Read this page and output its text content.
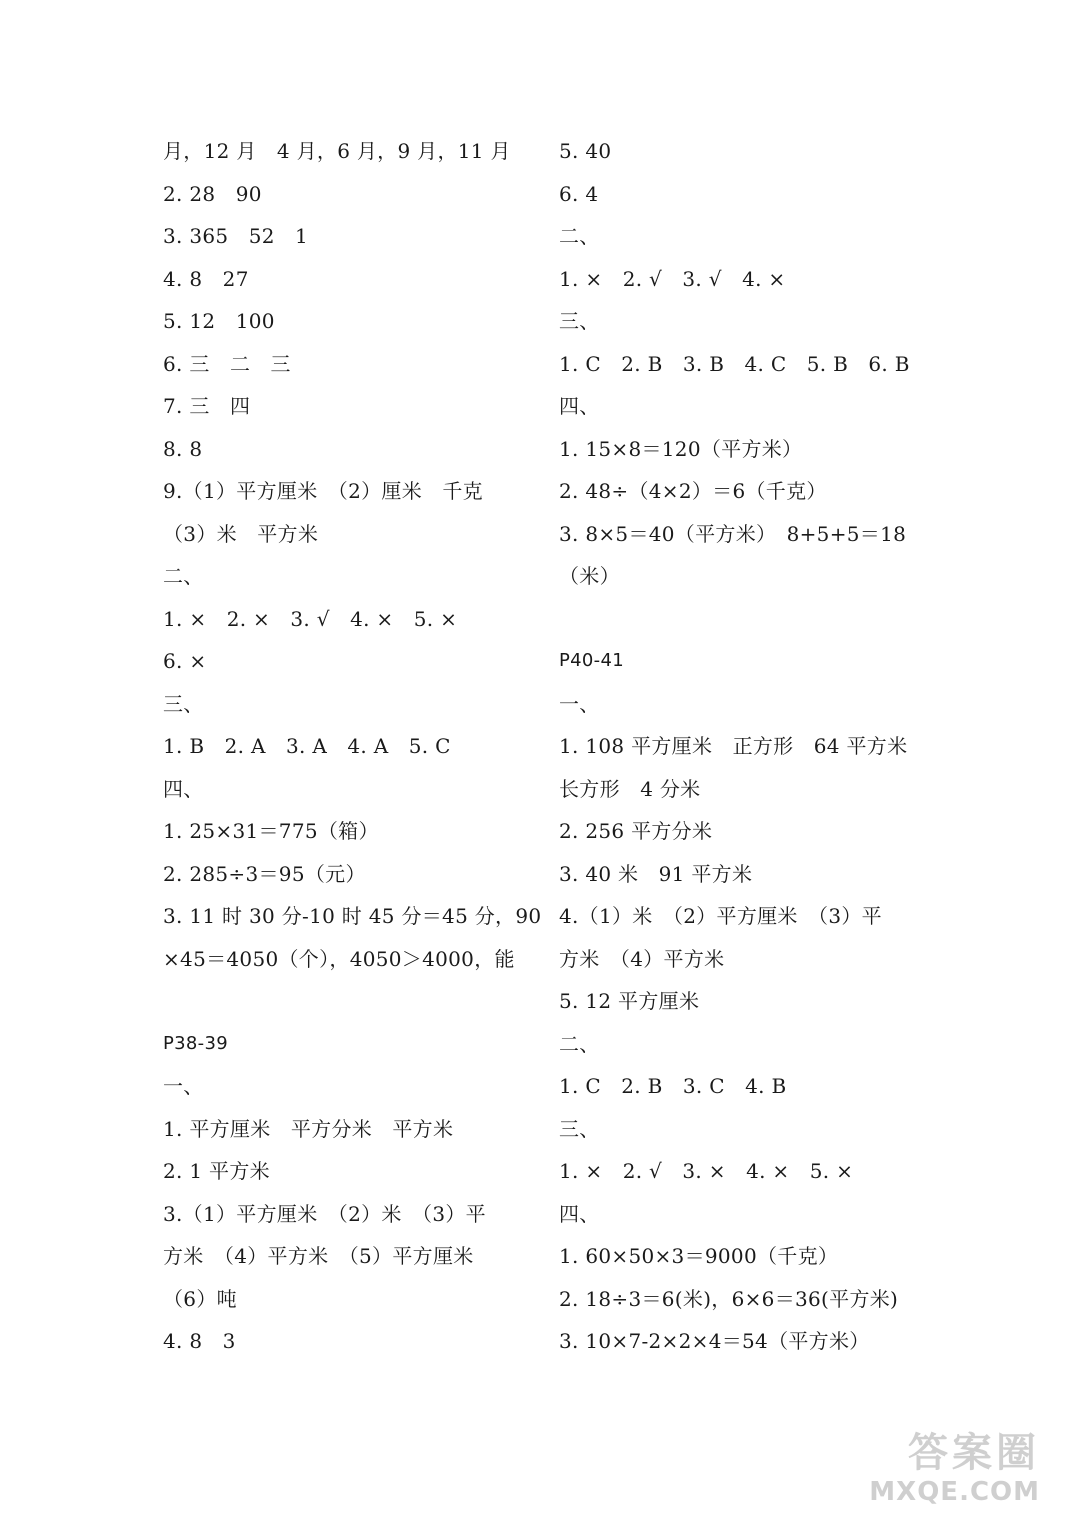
月，12 月　4 月，6 月，9 月，11 月
2. 28　90
3. 365　52　1
4. 8　27
5. 12　100
6. 三　二　三
7. 三　四
8. 8
9.（1）平方厘米　（2）厘米　千克
（3）米　平方米
二、
1. ×　2. ×　3. √　4. ×　5. ×
6. ×
三、
1. B　2. A　3. A　4. A　5. C
四、
1. 25×31＝775（箱）
2. 285÷3＝95（元）
3. 11 时 30 分-10 时 45 分＝45 分，90
×45＝4050（个），4050＞4000，能
P38-39
一、
1. 平方厘米　平方分米　平方米
2. 1 平方米
3.（1）平方厘米　（2）米　（3）平
方米　（4）平方米　（5）平方厘米
（6）吨
4. 8　3
5. 40
6. 4
二、
1. ×　2. √　3. √　4. ×
三、
1. C　2. B　3. B　4. C　5. B　6. B
四、
1. 15×8＝120（平方米）
2. 48÷（4×2）＝6（千克）
3. 8×5＝40（平方米）　8+5+5＝18
（米）
P40-41
一、
1. 108 平方厘米　正方形　64 平方米
长方形　4 分米
2. 256 平方分米
3. 40 米　91 平方米
4.（1）米　（2）平方厘米　（3）平
方米　（4）平方米
5. 12 平方厘米
二、
1. C　2. B　3. C　4. B
三、
1. ×　2. √　3. ×　4. ×　5. ×
四、
1. 60×50×3＝9000（千克）
2. 18÷3＝6(米)，6×6＝36(平方米)
3. 10×7-2×2×4＝54（平方米）
答案圈
MXQE.COM
